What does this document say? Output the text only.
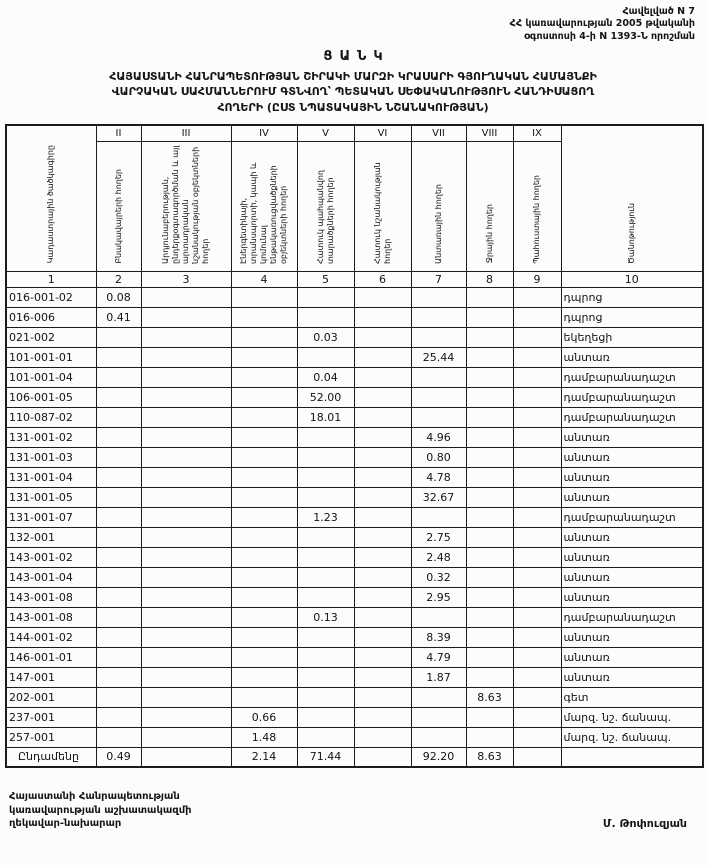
Հավելված N 7
ՀՀ կառավարության 2005 թվականի
օգոստոսի 4-ի N 1393-Ն որոշման
ՑԱՆԿ
ՀԱՅԱՍՏԱՆԻ ՀԱՆՐԱՊԵՏՈՒԹՅԱՆ ՇԻՐԱԿԻ ՄԱՐԶԻ ԿՐԱՍԱՐԻ ԳՅՈՒՂԱԿԱՆ ՀԱՄԱՅՆՔԻ
ՎԱՐՉԱԿԱՆ ՍԱՀՄԱՆՆԵՐՈՒՄ ԳՏՆՎՈՂ՝ ՊԵՏԱԿԱՆ ՍԵՓԱԿԱՆՈՒԹՅՈՒՆ ՀԱՆԴԻՍԱՑՈՂ
ՀՈՂԵՐԻ (ԸՍՏ ՆՊԱՏԱԿԱՅԻՆ ՆՇԱՆԱԿՈՒԹՅԱՆ)
Կադաստրային ծածկագիրը	II	III	IV	V	VI	VII	VIII	IX	Ծանոթություն
	Բնակավայրերի հողեր	Արդյունաբերության, ընդերքօգտագործման և այլ արտադրական նշանակության օբյեկտների հողեր	Էներգետիկայի, տրանսպորտի, կապի և կոմունալ ենթակառուցվածքների օբյեկտների հողեր	Հատուկ պահպանվող տարածքների հողեր	Հատուկ նշանակության հողեր	Անտառային հողեր	Ջրային հողեր	Պահուստային հողեր	
1	2	3	4	5	6	7	8	9	10
016-001-02	0.08								դպրոց
016-006	0.41								դպրոց
021-002				0.03					եկեղեցի
101-001-01						25.44			անտառ
101-001-04				0.04					դամբարանադաշտ
106-001-05				52.00					դամբարանադաշտ
110-087-02				18.01					դամբարանադաշտ
131-001-02						4.96			անտառ
131-001-03						0.80			անտառ
131-001-04						4.78			անտառ
131-001-05						32.67			անտառ
131-001-07				1.23					դամբարանադաշտ
132-001						2.75			անտառ
143-001-02						2.48			անտառ
143-001-04						0.32			անտառ
143-001-08						2.95			անտառ
143-001-08				0.13					դամբարանադաշտ
144-001-02						8.39			անտառ
146-001-01						4.79			անտառ
147-001						1.87			անտառ
202-001							8.63		գետ
237-001			0.66						մարզ. նշ. ճանապ.
257-001			1.48						մարզ. նշ. ճանապ.
Ընդամենը	0.49		2.14	71.44		92.20	8.63		
Հայաստանի Հանրապետության
կառավարության աշխատակազմի
ղեկավար-նախարար	Մ. Թոփուզյան
